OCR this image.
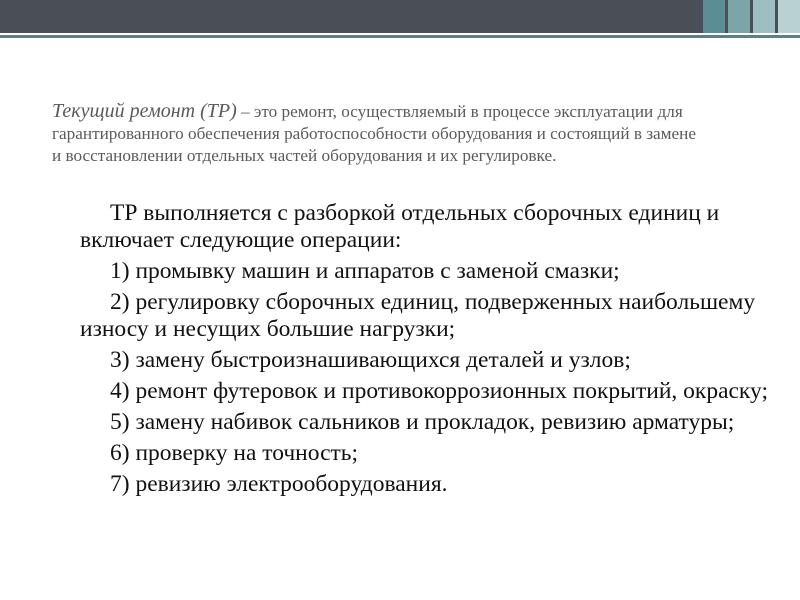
Текущий ремонт (ТР) – это ремонт, осуществляемый в процессе эксплуатации для гарантированного обеспечения работоспособности оборудования и состоящий в замене и восстановлении отдельных частей оборудования и их регулировке.

ТР выполняется с разборкой отдельных сборочных единиц и включает следующие операции:

1) промывку машин и аппаратов с заменой смазки;

2) регулировку сборочных единиц, подверженных наибольшему износу и несущих большие нагрузки;

3) замену быстроизнашивающихся деталей и узлов;

4) ремонт футеровок и противокоррозионных покрытий, окраску;

5) замену набивок сальников и прокладок, ревизию арматуры;

6) проверку на точность;

7) ревизию электрооборудования.
